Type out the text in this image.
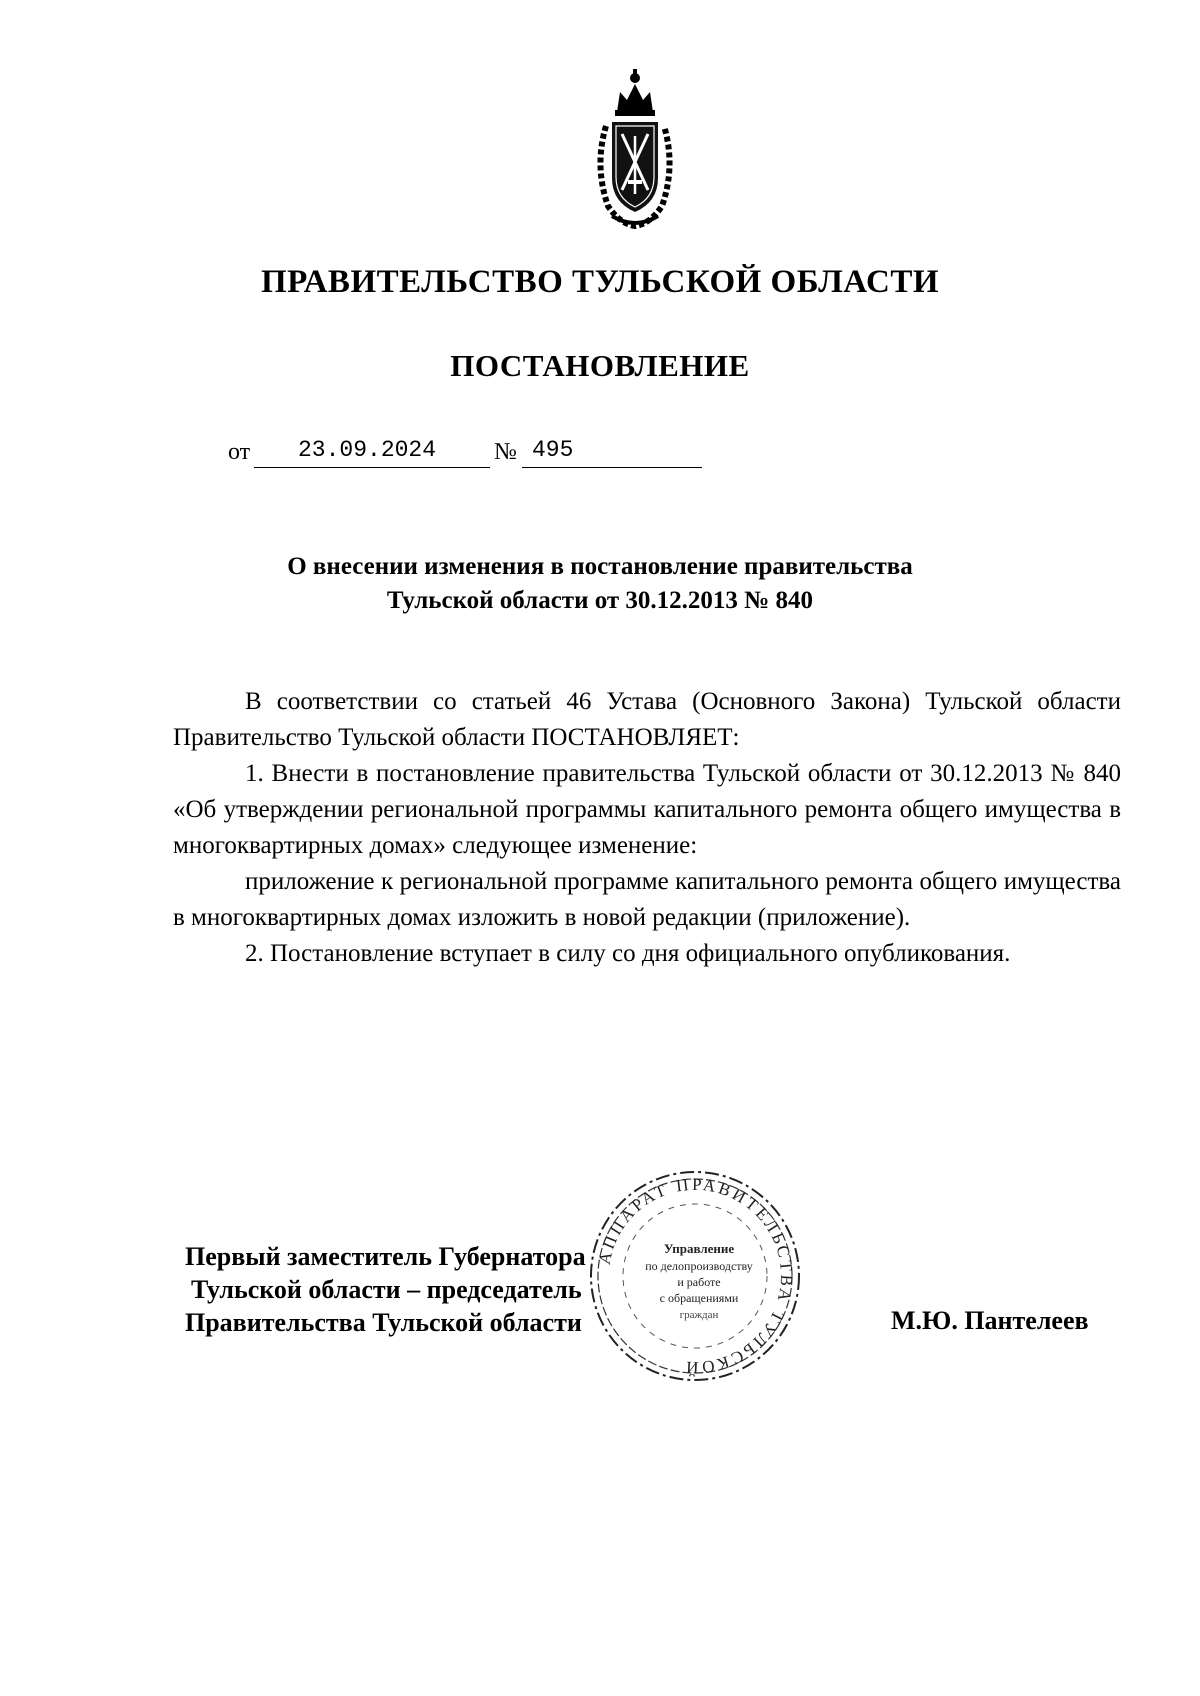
ПРАВИТЕЛЬСТВО ТУЛЬСКОЙ ОБЛАСТИ
ПОСТАНОВЛЕНИЕ
от 23.09.2024 № 495
О внесении изменения в постановление правительства
Тульской области от 30.12.2013 № 840

В соответствии со статьей 46 Устава (Основного Закона) Тульской области Правительство Тульской области ПОСТАНОВЛЯЕТ:

1. Внести в постановление правительства Тульской области от 30.12.2013 № 840 «Об утверждении региональной программы капитального ремонта общего имущества в многоквартирных домах» следующее изменение:

приложение к региональной программе капитального ремонта общего имущества в многоквартирных домах изложить в новой редакции (приложение).

2. Постановление вступает в силу со дня официального опубликования.

Первый заместитель Губернатора
Тульской области – председатель
Правительства Тульской области	М.Ю. Пантелеев
АППАРАТ ПРАВИТЕЛЬСТВА ТУЛЬСКОЙ
Управление
по делопроизводству
и работе
с обращениями
граждан
